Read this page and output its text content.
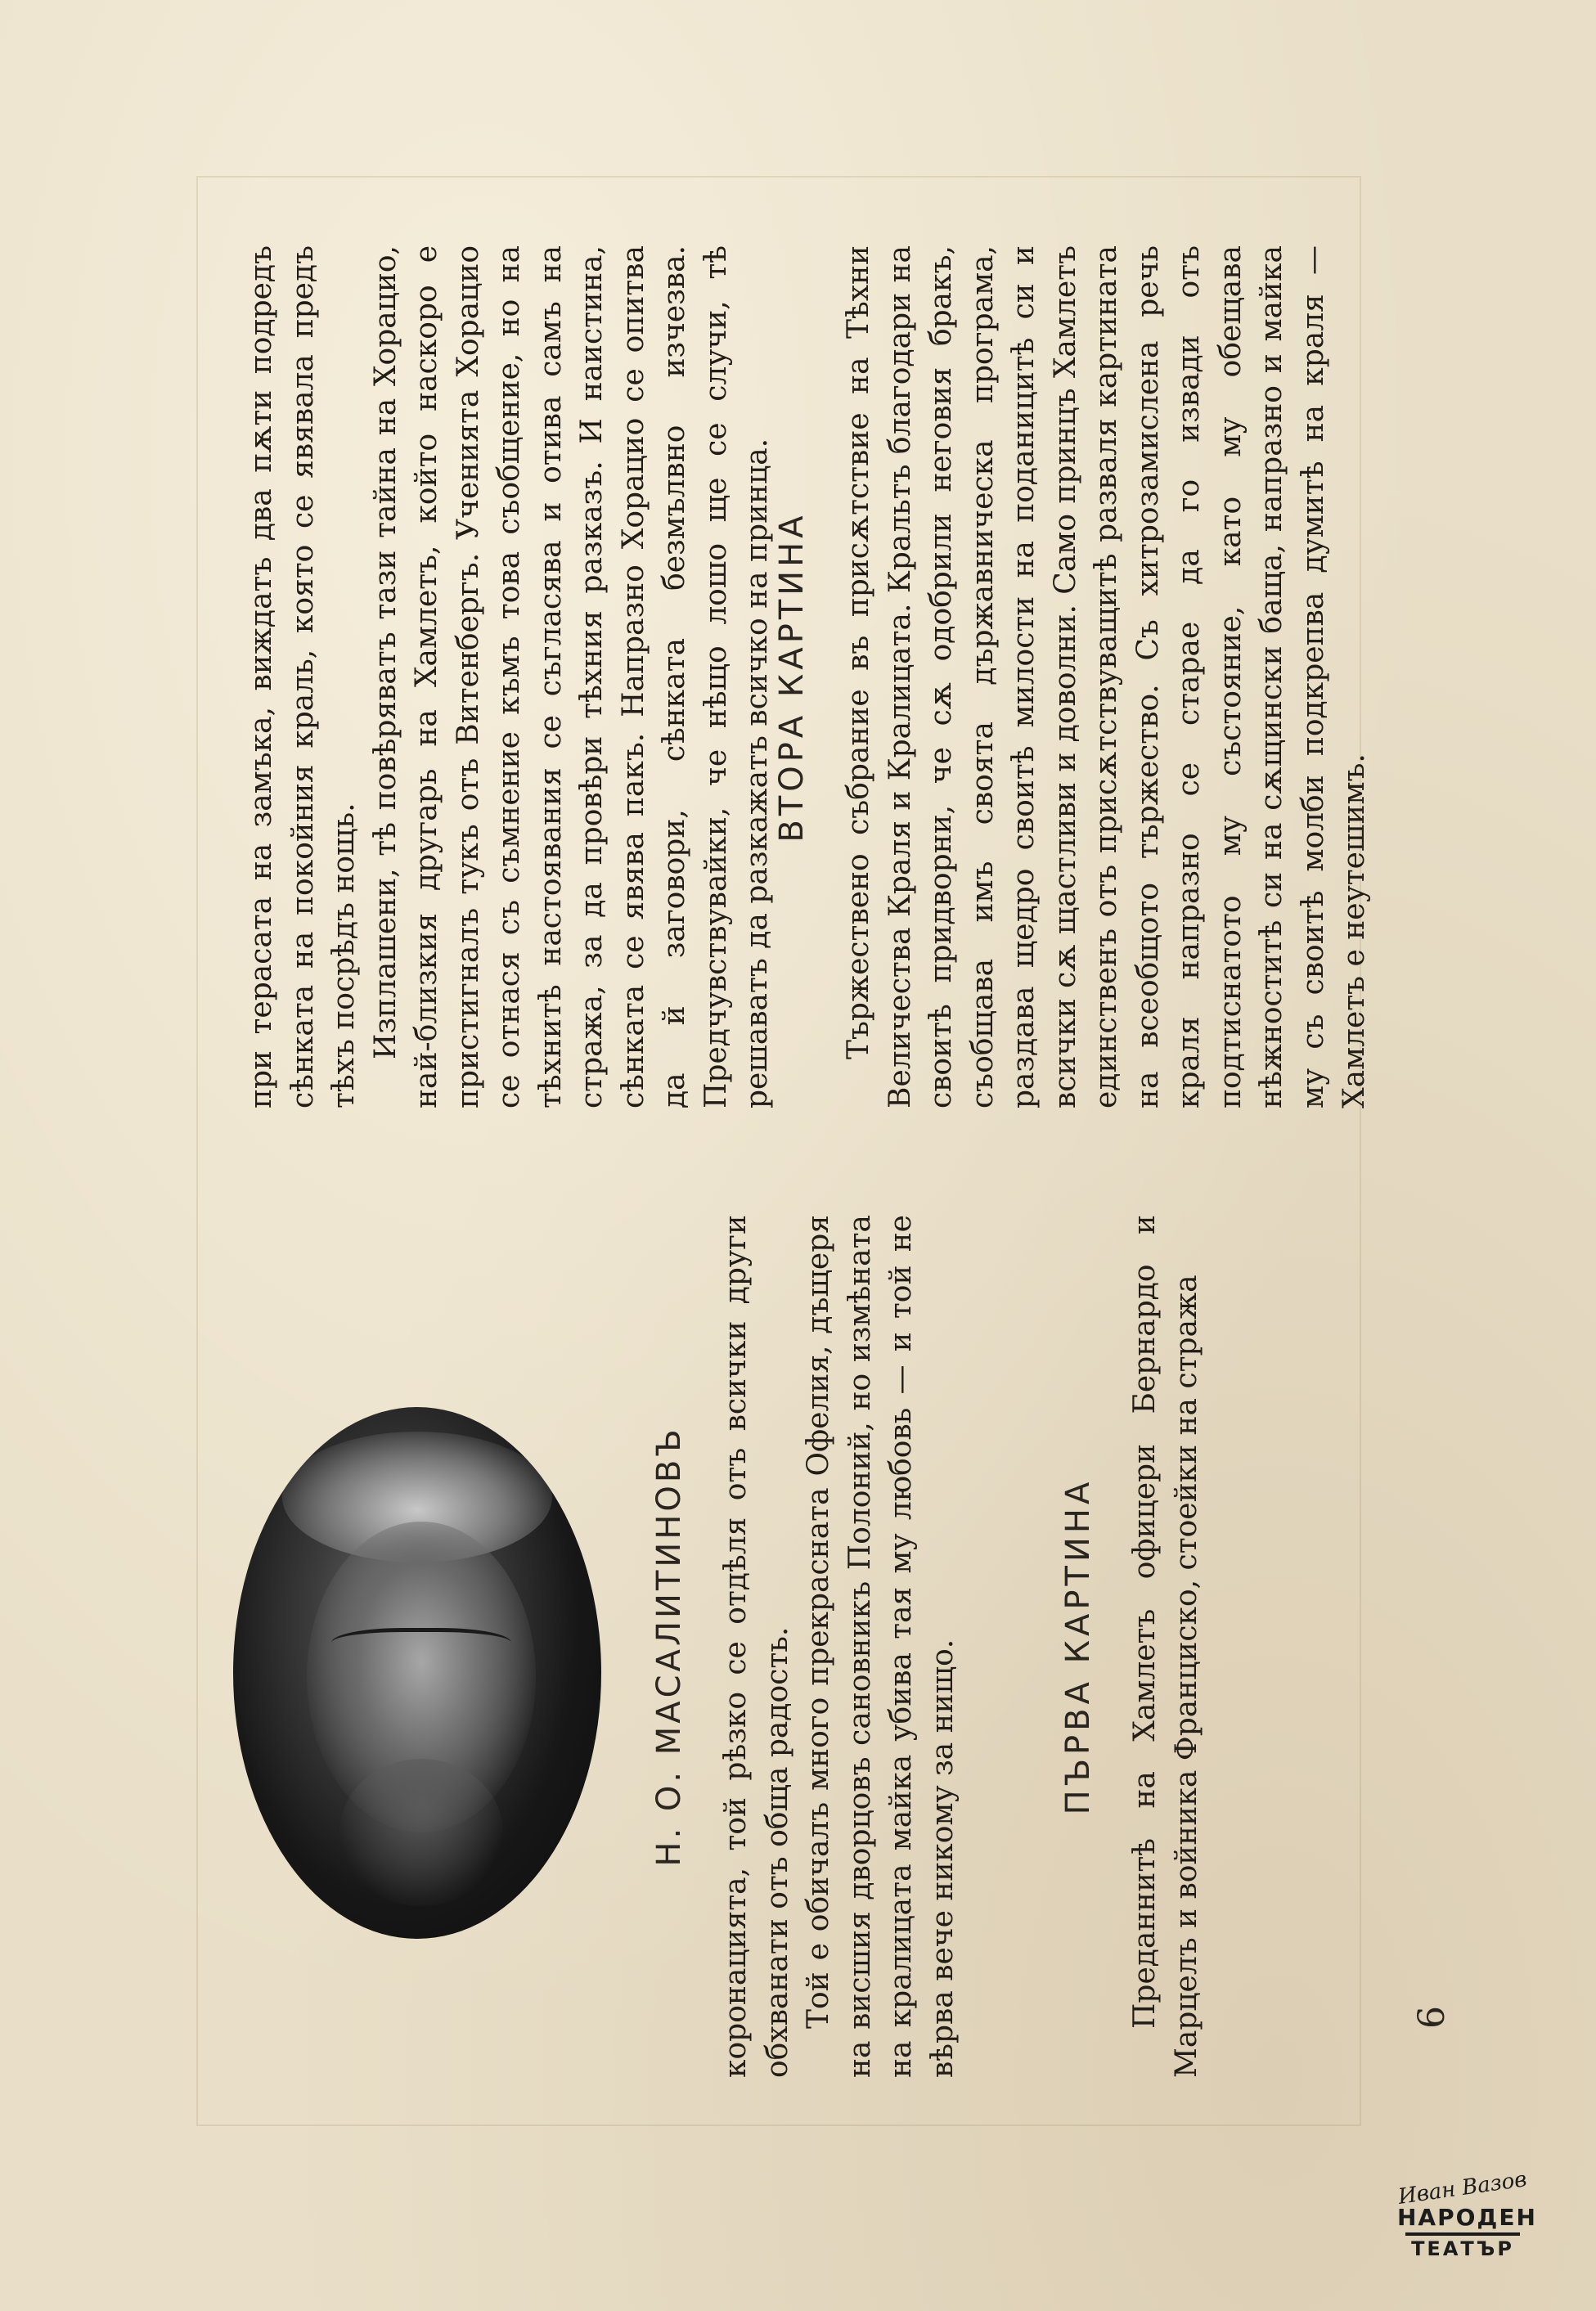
Н. О. МАСАЛИТИНОВЪ коронацията, той рѣзко се отдѣля отъ всички други обхванати отъ обща радость. Той е обичалъ много прекрасната Офелия, дъщеря на висшия дворцовъ сановникъ Полоний, но измѣната на кралицата майка убива тая му любовь — и той не вѣрва вече никому за нищо.	ПЪРВА КАРТИНА Преданнитѣ на Хамлетъ офицери Бернардо и Марцелъ и войника Франциско, стоейки на стража

при терасата на замъка, виждатъ два пѫти подредъ сѣнката на покойния краль, която се явявала предъ тѣхъ посрѣдъ нощь. Изплашени, тѣ повѣряватъ тази тайна на Хорацио, най-близкия другарь на Хамлетъ, който наскоро е пристигналъ тукъ отъ Витенбергъ. Ученията Хорацио се отнася съ съмнение къмъ това съобщение, но на тѣхнитѣ настоявания се съгласява и отива самъ на стража, за да провѣри тѣхния разказъ. И наистина, сѣнката се явява пакъ. Напразно Хорацио се опитва да й заговори, сѣнката безмълвно изчезва. Предчувствувайки, че нѣщо лошо ще се случи, тѣ решаватъ да разкажатъ всичко на принца. ВТОРА КАРТИНА Тържествено събрание въ присѫтствие на Тѣхни Величества Краля и Кралицата. Кральтъ благодари на своитѣ придворни, че сѫ одобрили неговия бракъ, съобщава имъ своята държавническа програма, раздава щедро своитѣ милости на поданицитѣ си и всички сѫ щастливи и доволни. Само принцъ Хамлетъ единственъ отъ присѫтствуващитѣ разваля картината на всеобщото тържество. Съ хитрозамислена речь краля напразно се старае да го извади отъ подтиснатото му състояние, като му обещава нѣжноститѣ си на сѫщински баща, напразно и майка му съ своитѣ молби подкрепва думитѣ на краля — Хамлетъ е неутешимъ.

6
Иван Вазов
НАРОДЕН
ТЕАТЪР
